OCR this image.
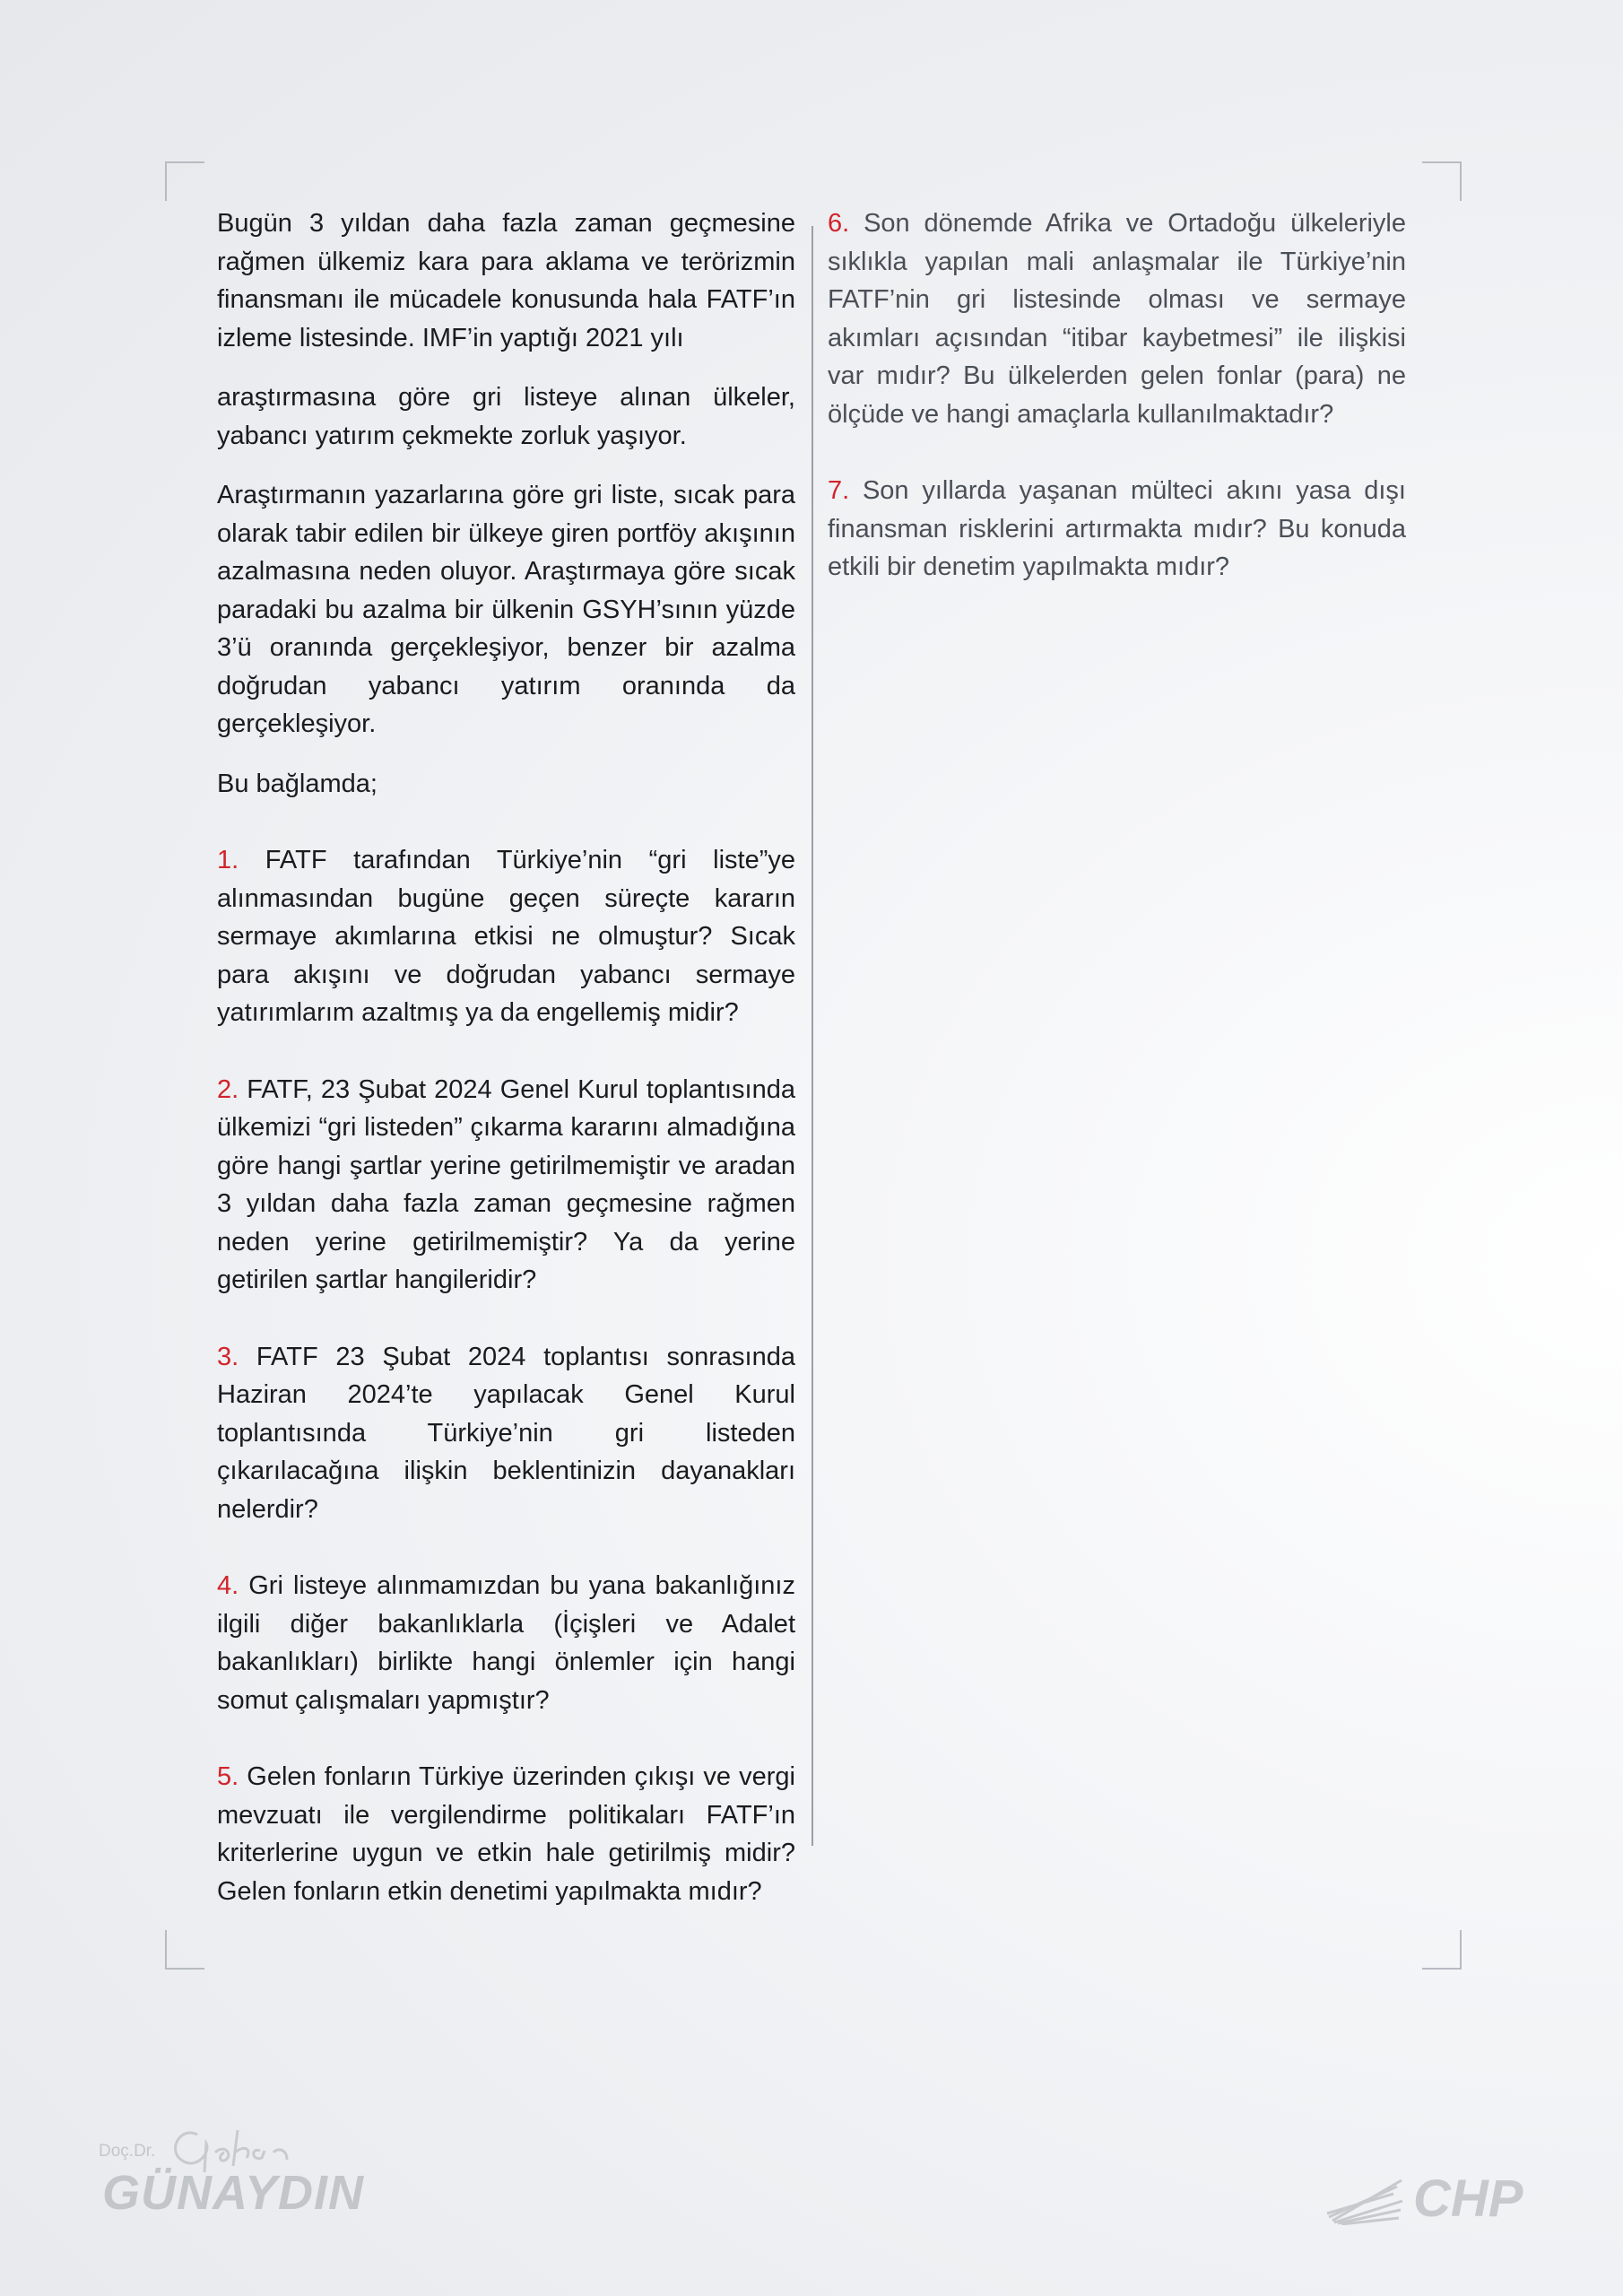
Bugün 3 yıldan daha fazla zaman geçmesine rağmen ülkemiz kara para aklama ve terörizmin finansmanı ile mücadele konusunda hala FATF’ın izleme listesinde. IMF’in yaptığı 2021 yılı

araştırmasına göre gri listeye alınan ülkeler, yabancı yatırım çekmekte zorluk yaşıyor.

Araştırmanın yazarlarına göre gri liste, sıcak para olarak tabir edilen bir ülkeye giren portföy akışının azalmasına neden oluyor. Araştırmaya göre sıcak paradaki bu azalma bir ülkenin GSYH’sının yüzde 3’ü oranında gerçekleşiyor, benzer bir azalma doğrudan yabancı yatırım oranında da gerçekleşiyor.

Bu bağlamda;

1. FATF tarafından Türkiye’nin “gri liste”ye alınmasından bugüne geçen süreçte kararın sermaye akımlarına etkisi ne olmuştur? Sıcak para akışını ve doğrudan yabancı sermaye yatırımlarım azaltmış ya da engellemiş midir?

2. FATF, 23 Şubat 2024 Genel Kurul toplantısında ülkemizi “gri listeden” çıkarma kararını almadığına göre hangi şartlar yerine getirilmemiştir ve aradan 3 yıldan daha fazla zaman geçmesine rağmen neden yerine getirilmemiştir? Ya da yerine getirilen şartlar hangileridir?

3. FATF 23 Şubat 2024 toplantısı sonrasında Haziran 2024’te yapılacak Genel Kurul toplantısında Türkiye’nin gri listeden çıkarılacağına ilişkin beklentinizin dayanakları nelerdir?

4. Gri listeye alınmamızdan bu yana bakanlığınız ilgili diğer bakanlıklarla (İçişleri ve Adalet bakanlıkları) birlikte hangi önlemler için hangi somut çalışmaları yapmıştır?

5. Gelen fonların Türkiye üzerinden çıkışı ve vergi mevzuatı ile vergilendirme politikaları FATF’ın kriterlerine uygun ve etkin hale getirilmiş midir? Gelen fonların etkin denetimi yapılmakta mıdır?

6. Son dönemde Afrika ve Ortadoğu ülkeleriyle sıklıkla yapılan mali anlaşmalar ile Türkiye’nin FATF’nin gri listesinde olması ve sermaye akımları açısından “itibar kaybetmesi” ile ilişkisi var mıdır? Bu ülkelerden gelen fonlar (para) ne ölçüde ve hangi amaçlarla kullanılmaktadır?

7. Son yıllarda yaşanan mülteci akını yasa dışı finansman risklerini artırmakta mıdır? Bu konuda etkili bir denetim yapılmakta mıdır?

Doç.Dr.
GÜNAYDIN	CHP
